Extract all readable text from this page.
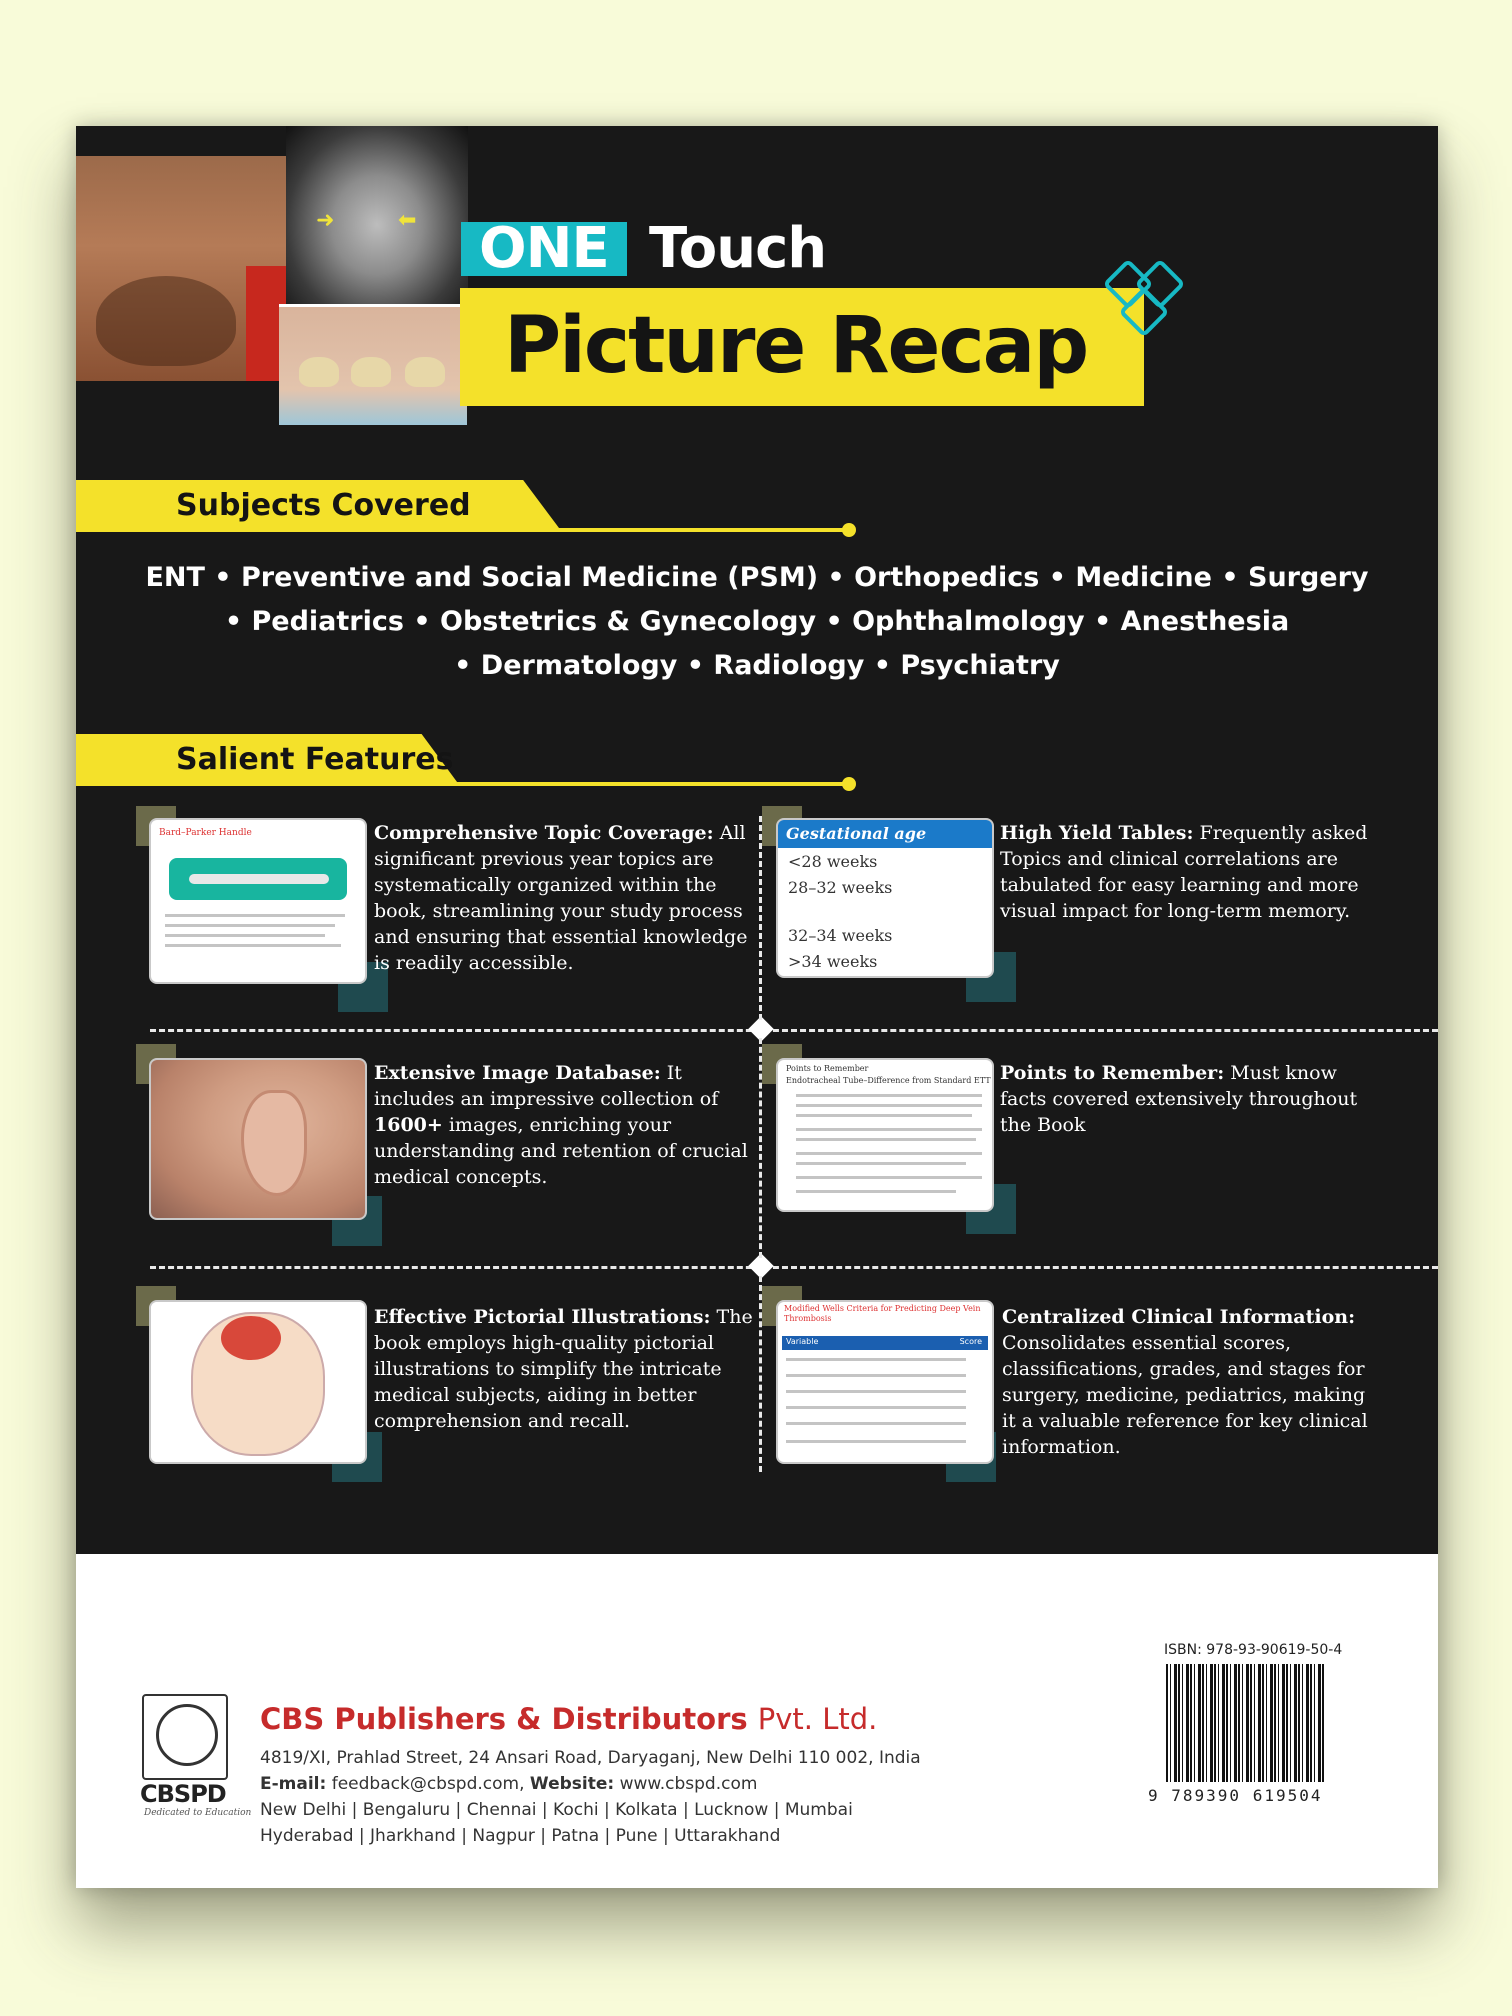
➜	⬅	ONE Touch
Picture Recap
Subjects Covered
ENT • Preventive and Social Medicine (PSM) • Orthopedics • Medicine • Surgery
• Pediatrics • Obstetrics & Gynecology • Ophthalmology • Anesthesia
• Dermatology • Radiology • Psychiatry
Salient Features
Bard–Parker Handle	Comprehensive Topic Coverage: All significant previous year topics are systematically organized within the book, streamlining your study process and ensuring that essential knowledge is readily accessible.
Gestational age
<28 weeks
28–32 weeks
32–34 weeks
>34 weeks
High Yield Tables: Frequently asked Topics and clinical correlations are tabulated for easy learning and more visual impact for long-term memory.
Extensive Image Database: It includes an impressive collection of 1600+ images, enriching your understanding and retention of crucial medical concepts.
Points to Remember
Endotracheal Tube–Difference from Standard ETT Points to Remember: Must know facts covered extensively throughout the Book
Effective Pictorial Illustrations: The book employs high-quality pictorial illustrations to simplify the intricate medical subjects, aiding in better comprehension and recall.
Modified Wells Criteria for Predicting Deep Vein Thrombosis
Variable	Score
Centralized Clinical Information: Consolidates essential scores, classifications, grades, and stages for surgery, medicine, pediatrics, making it a valuable reference for key clinical information.
CBSPD
Dedicated to Education
CBS Publishers & Distributors Pvt. Ltd.
4819/XI, Prahlad Street, 24 Ansari Road, Daryaganj, New Delhi 110 002, India
E-mail: feedback@cbspd.com, Website: www.cbspd.com
New Delhi | Bengaluru | Chennai | Kochi | Kolkata | Lucknow | Mumbai
Hyderabad | Jharkhand | Nagpur | Patna | Pune | Uttarakhand
ISBN: 978-93-90619-50-4
9 789390 619504
